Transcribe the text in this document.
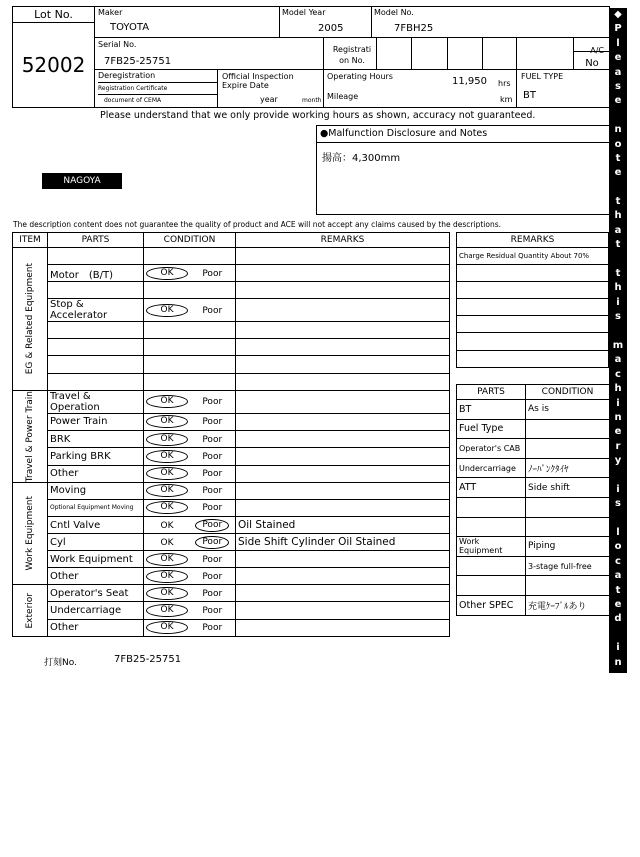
◆
P
l
e
a
s
e

n
o
t
e

t
h
a
t

t
h
i
s

m
a
c
h
i
n
e
r
y

i
s

l
o
c
a
t
e
d

i
n

N
a
g
o
y
a

Y
a
r
d
◆
Lot No.
52002
Maker
TOYOTA
Model Year
2005
Model No.
7FBH25
Serial No.
7FB25-25751
Registrati on No.
A/C
No
Deregistration
Registration Certificate
document of CEMA
Official Inspection Expire Date
year	month
Operating Hours	11,950 hrs
Mileage	km
FUEL TYPE
BT
Please understand that we only provide working hours as shown, accuracy not guaranteed.
●Malfunction Disclosure and Notes
揚高：4,300mm
NAGOYA
The description content does not guarantee the quality of product and ACE will not accept any claims caused by the descriptions.
ITEM	PARTS	CONDITION		REMARKS

EG & Related Equipment				

	Motor　(B/T)	OK	Poor	

	Stop & Accelerator	OK	Poor	

Travel & Power Train	Travel & Operation	OK	Poor	
	Power Train	OK	Poor	
	BRK	OK	Poor	
	Parking BRK	OK	Poor	
	Other	OK	Poor	

Work Equipment	Moving	OK	Poor	
	Optional Equipment Moving	OK	Poor	
	Cntl Valve	OK	Poor	Oil Stained
	Cyl	OK	Poor	Side Shift Cylinder Oil Stained
	Work Equipment	OK	Poor	
	Other	OK	Poor	

Exterior	Operator's Seat	OK	Poor	
	Undercarriage	OK	Poor	
	Other	OK	Poor	
REMARKS
Charge Residual Quantity About 70%

PARTS	CONDITION
BT	As is
Fuel Type	
Operator's CAB	
Undercarriage	ﾉｰﾊﾟﾝｸﾀｲﾔ
ATT	Side shift

Work Equipment	Piping
	3-stage full-free

Other SPEC	充電ｹｰﾌﾞﾙあり
打刻No.	7FB25-25751
